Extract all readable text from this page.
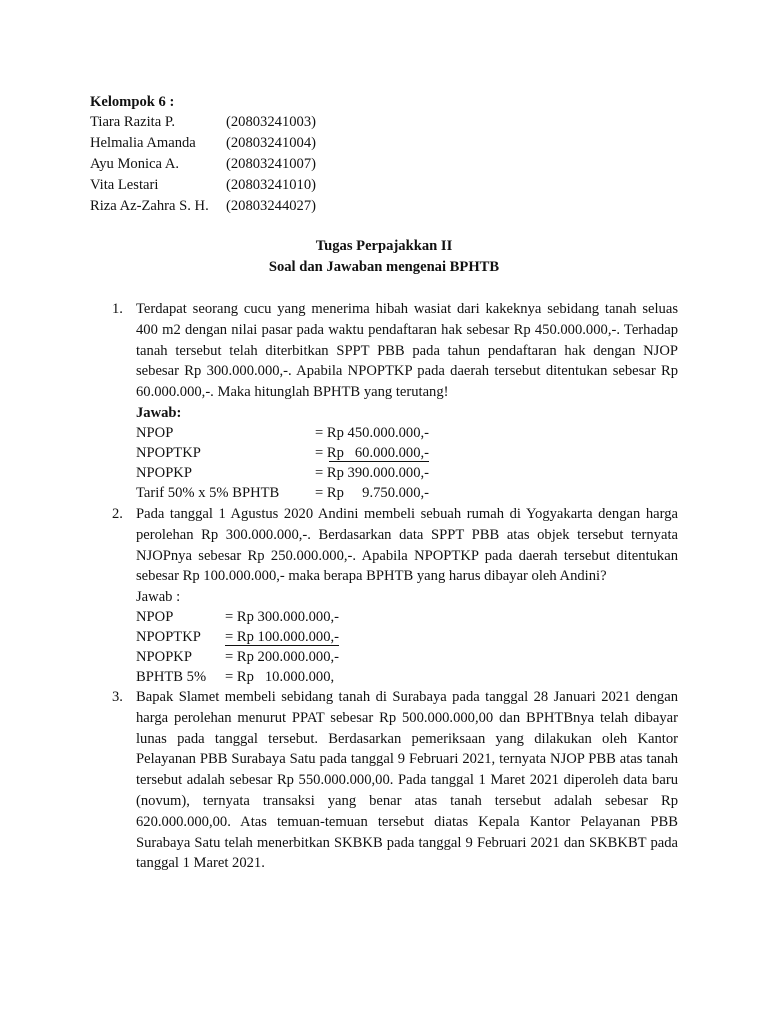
Kelompok 6 :
Tiara Razita P.	(20803241003)
Helmalia Amanda (20803241004)
Ayu Monica A.	(20803241007)
Vita Lestari	(20803241010)
Riza Az-Zahra S. H. (20803244027)
Tugas Perpajakkan II
Soal dan Jawaban mengenai BPHTB
1. Terdapat seorang cucu yang menerima hibah wasiat dari kakeknya sebidang tanah seluas 400 m2 dengan nilai pasar pada waktu pendaftaran hak sebesar Rp 450.000.000,-. Terhadap tanah tersebut telah diterbitkan SPPT PBB pada tahun pendaftaran hak dengan NJOP sebesar Rp 300.000.000,-. Apabila NPOPTKP pada daerah tersebut ditentukan sebesar Rp 60.000.000,-. Maka hitunglah BPHTB yang terutang!
Jawab:
NPOP	= Rp 450.000.000,-
NPOPTKP	= Rp   60.000.000,-
NPOPKP	= Rp 390.000.000,-
Tarif 50% x 5% BPHTB = Rp     9.750.000,-
2. Pada tanggal 1 Agustus 2020 Andini membeli sebuah rumah di Yogyakarta dengan harga perolehan Rp 300.000.000,-. Berdasarkan data SPPT PBB atas objek tersebut ternyata NJOPnya sebesar Rp 250.000.000,-. Apabila NPOPTKP pada daerah tersebut ditentukan sebesar Rp 100.000.000,- maka berapa BPHTB yang harus dibayar oleh Andini?
Jawab :
NPOP	= Rp 300.000.000,-
NPOPTKP = Rp 100.000.000,-
NPOPKP = Rp 200.000.000,-
BPHTB 5% = Rp   10.000.000,
3. Bapak Slamet membeli sebidang tanah di Surabaya pada tanggal 28 Januari 2021 dengan harga perolehan menurut PPAT sebesar Rp 500.000.000,00 dan BPHTBnya telah dibayar lunas pada tanggal tersebut. Berdasarkan pemeriksaan yang dilakukan oleh Kantor Pelayanan PBB Surabaya Satu pada tanggal 9 Februari 2021, ternyata NJOP PBB atas tanah tersebut adalah sebesar Rp 550.000.000,00. Pada tanggal 1 Maret 2021 diperoleh data baru (novum), ternyata transaksi yang benar atas tanah tersebut adalah sebesar Rp 620.000.000,00. Atas temuan-temuan tersebut diatas Kepala Kantor Pelayanan PBB Surabaya Satu telah menerbitkan SKBKB pada tanggal 9 Februari 2021 dan SKBKBT pada tanggal 1 Maret 2021.
